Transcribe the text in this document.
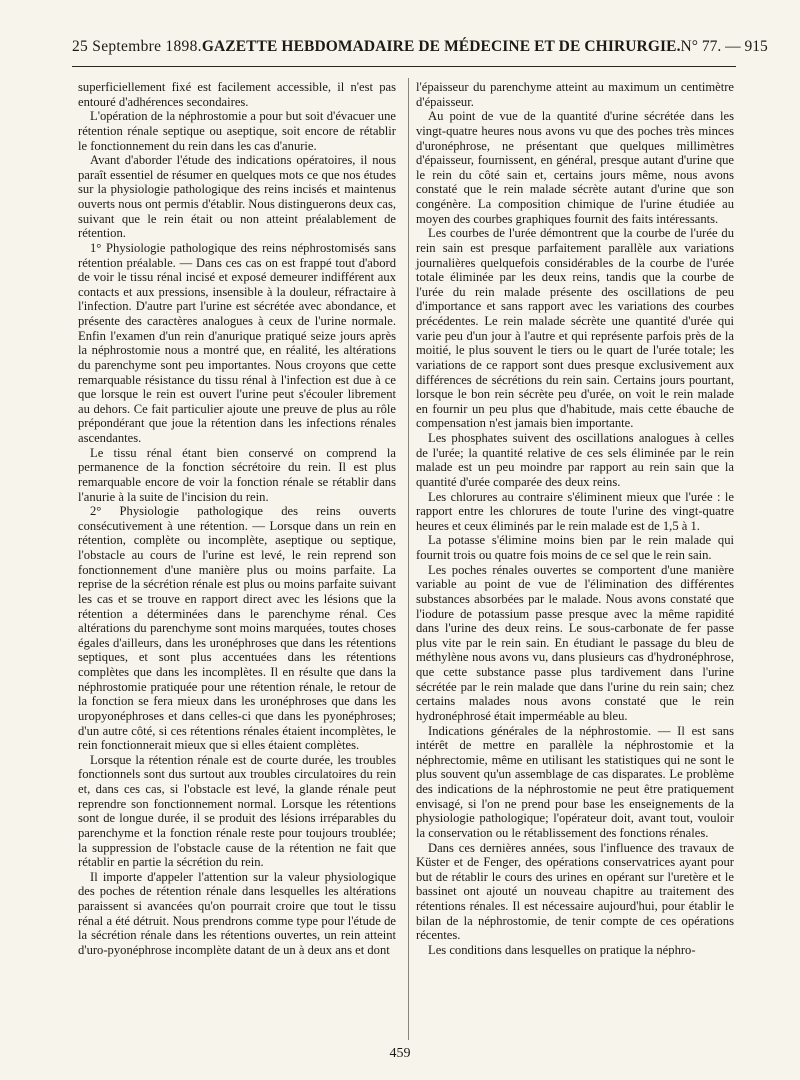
25 Septembre 1898. GAZETTE HEBDOMADAIRE DE MÉDECINE ET DE CHIRURGIE. N° 77. — 915

superficiellement fixé est facilement accessible, il n'est pas entouré d'adhérences secondaires.

L'opération de la néphrostomie a pour but soit d'évacuer une rétention rénale septique ou aseptique, soit encore de rétablir le fonctionnement du rein dans les cas d'anurie.

Avant d'aborder l'étude des indications opératoires, il nous paraît essentiel de résumer en quelques mots ce que nos études sur la physiologie pathologique des reins incisés et maintenus ouverts nous ont permis d'établir. Nous distinguerons deux cas, suivant que le rein était ou non atteint préalablement de rétention.

1° Physiologie pathologique des reins néphrostomisés sans rétention préalable. — Dans ces cas on est frappé tout d'abord de voir le tissu rénal incisé et exposé demeurer indifférent aux contacts et aux pressions, insensible à la douleur, réfractaire à l'infection. D'autre part l'urine est sécrétée avec abondance, et présente des caractères analogues à ceux de l'urine normale. Enfin l'examen d'un rein d'anurique pratiqué seize jours après la néphrostomie nous a montré que, en réalité, les altérations du parenchyme sont peu importantes. Nous croyons que cette remarquable résistance du tissu rénal à l'infection est due à ce que lorsque le rein est ouvert l'urine peut s'écouler librement au dehors. Ce fait particulier ajoute une preuve de plus au rôle prépondérant que joue la rétention dans les infections rénales ascendantes.

Le tissu rénal étant bien conservé on comprend la permanence de la fonction sécrétoire du rein. Il est plus remarquable encore de voir la fonction rénale se rétablir dans l'anurie à la suite de l'incision du rein.

2° Physiologie pathologique des reins ouverts consécutivement à une rétention. — Lorsque dans un rein en rétention, complète ou incomplète, aseptique ou septique, l'obstacle au cours de l'urine est levé, le rein reprend son fonctionnement d'une manière plus ou moins parfaite. La reprise de la sécrétion rénale est plus ou moins parfaite suivant les cas et se trouve en rapport direct avec les lésions que la rétention a déterminées dans le parenchyme rénal. Ces altérations du parenchyme sont moins marquées, toutes choses égales d'ailleurs, dans les uronéphroses que dans les rétentions septiques, et sont plus accentuées dans les rétentions complètes que dans les incomplètes. Il en résulte que dans la néphrostomie pratiquée pour une rétention rénale, le retour de la fonction se fera mieux dans les uronéphroses que dans les uropyonéphroses et dans celles-ci que dans les pyonéphroses; d'un autre côté, si ces rétentions rénales étaient incomplètes, le rein fonctionnerait mieux que si elles étaient complètes.

Lorsque la rétention rénale est de courte durée, les troubles fonctionnels sont dus surtout aux troubles circulatoires du rein et, dans ces cas, si l'obstacle est levé, la glande rénale peut reprendre son fonctionnement normal. Lorsque les rétentions sont de longue durée, il se produit des lésions irréparables du parenchyme et la fonction rénale reste pour toujours troublée; la suppression de l'obstacle cause de la rétention ne fait que rétablir en partie la sécrétion du rein.

Il importe d'appeler l'attention sur la valeur physiologique des poches de rétention rénale dans lesquelles les altérations paraissent si avancées qu'on pourrait croire que tout le tissu rénal a été détruit. Nous prendrons comme type pour l'étude de la sécrétion rénale dans les rétentions ouvertes, un rein atteint d'uro-pyonéphrose incomplète datant de un à deux ans et dont

l'épaisseur du parenchyme atteint au maximum un centimètre d'épaisseur.

Au point de vue de la quantité d'urine sécrétée dans les vingt-quatre heures nous avons vu que des poches très minces d'uronéphrose, ne présentant que quelques millimètres d'épaisseur, fournissent, en général, presque autant d'urine que le rein du côté sain et, certains jours même, nous avons constaté que le rein malade sécrète autant d'urine que son congénère. La composition chimique de l'urine étudiée au moyen des courbes graphiques fournit des faits intéressants.

Les courbes de l'urée démontrent que la courbe de l'urée du rein sain est presque parfaitement parallèle aux variations journalières quelquefois considérables de la courbe de l'urée totale éliminée par les deux reins, tandis que la courbe de l'urée du rein malade présente des oscillations de peu d'importance et sans rapport avec les variations des courbes précédentes. Le rein malade sécrète une quantité d'urée qui varie peu d'un jour à l'autre et qui représente parfois près de la moitié, le plus souvent le tiers ou le quart de l'urée totale; les variations de ce rapport sont dues presque exclusivement aux différences de sécrétions du rein sain. Certains jours pourtant, lorsque le bon rein sécrète peu d'urée, on voit le rein malade en fournir un peu plus que d'habitude, mais cette ébauche de compensation n'est jamais bien importante.

Les phosphates suivent des oscillations analogues à celles de l'urée; la quantité relative de ces sels éliminée par le rein malade est un peu moindre par rapport au rein sain que la quantité d'urée comparée des deux reins.

Les chlorures au contraire s'éliminent mieux que l'urée : le rapport entre les chlorures de toute l'urine des vingt-quatre heures et ceux éliminés par le rein malade est de 1,5 à 1.

La potasse s'élimine moins bien par le rein malade qui fournit trois ou quatre fois moins de ce sel que le rein sain.

Les poches rénales ouvertes se comportent d'une manière variable au point de vue de l'élimination des différentes substances absorbées par le malade. Nous avons constaté que l'iodure de potassium passe presque avec la même rapidité dans l'urine des deux reins. Le sous-carbonate de fer passe plus vite par le rein sain. En étudiant le passage du bleu de méthylène nous avons vu, dans plusieurs cas d'hydronéphrose, que cette substance passe plus tardivement dans l'urine sécrétée par le rein malade que dans l'urine du rein sain; chez certains malades nous avons constaté que le rein hydronéphrosé était imperméable au bleu.

Indications générales de la néphrostomie. — Il est sans intérêt de mettre en parallèle la néphrostomie et la néphrectomie, même en utilisant les statistiques qui ne sont le plus souvent qu'un assemblage de cas disparates. Le problème des indications de la néphrostomie ne peut être pratiquement envisagé, si l'on ne prend pour base les enseignements de la physiologie pathologique; l'opérateur doit, avant tout, vouloir la conservation ou le rétablissement des fonctions rénales.

Dans ces dernières années, sous l'influence des travaux de Küster et de Fenger, des opérations conservatrices ayant pour but de rétablir le cours des urines en opérant sur l'uretère et le bassinet ont ajouté un nouveau chapitre au traitement des rétentions rénales. Il est nécessaire aujourd'hui, pour établir le bilan de la néphrostomie, de tenir compte de ces opérations récentes.

Les conditions dans lesquelles on pratique la néphro-

459
